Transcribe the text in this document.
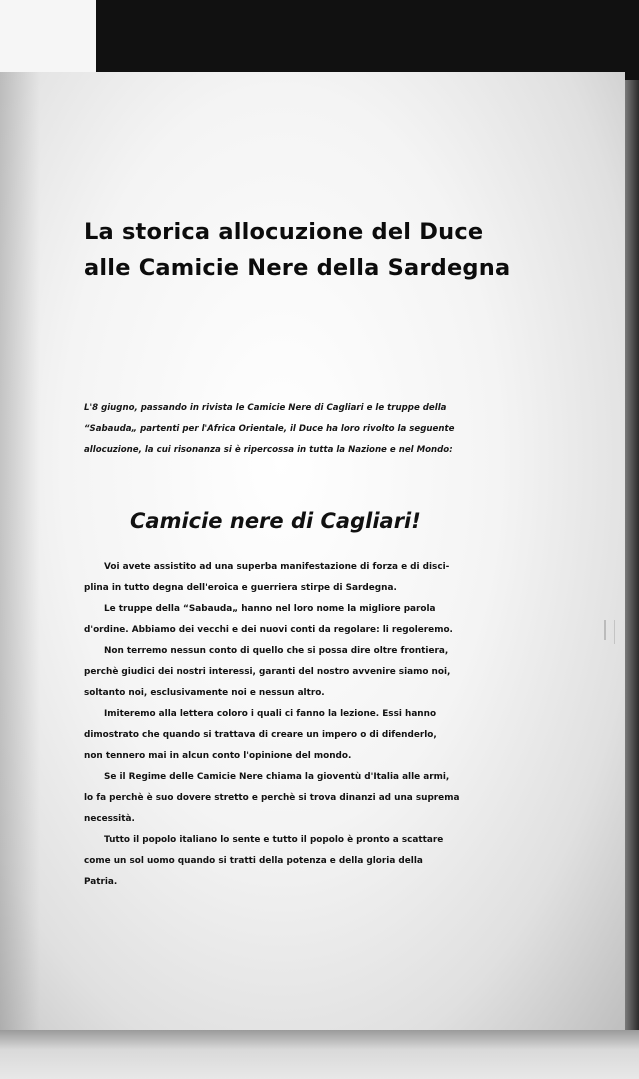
La storica allocuzione del Duce
alle Camicie Nere della Sardegna

L'8 giugno, passando in rivista le Camicie Nere di Cagliari e le truppe della
“Sabauda„ partenti per l'Africa Orientale, il Duce ha loro rivolto la seguente
allocuzione, la cui risonanza si è ripercossa in tutta la Nazione e nel Mondo:

Camicie nere di Cagliari!

Voi avete assistito ad una superba manifestazione di forza e di disci-
plina in tutto degna dell'eroica e guerriera stirpe di Sardegna.

Le truppe della “Sabauda„ hanno nel loro nome la migliore parola
d'ordine. Abbiamo dei vecchi e dei nuovi conti da regolare: li regoleremo.

Non terremo nessun conto di quello che si possa dire oltre frontiera,
perchè giudici dei nostri interessi, garanti del nostro avvenire siamo noi,
soltanto noi, esclusivamente noi e nessun altro.

Imiteremo alla lettera coloro i quali ci fanno la lezione. Essi hanno
dimostrato che quando si trattava di creare un impero o di difenderlo,
non tennero mai in alcun conto l'opinione del mondo.

Se il Regime delle Camicie Nere chiama la gioventù d'Italia alle armi,
lo fa perchè è suo dovere stretto e perchè si trova dinanzi ad una suprema
necessità.

Tutto il popolo italiano lo sente e tutto il popolo è pronto a scattare
come un sol uomo quando si tratti della potenza e della gloria della
Patria.
